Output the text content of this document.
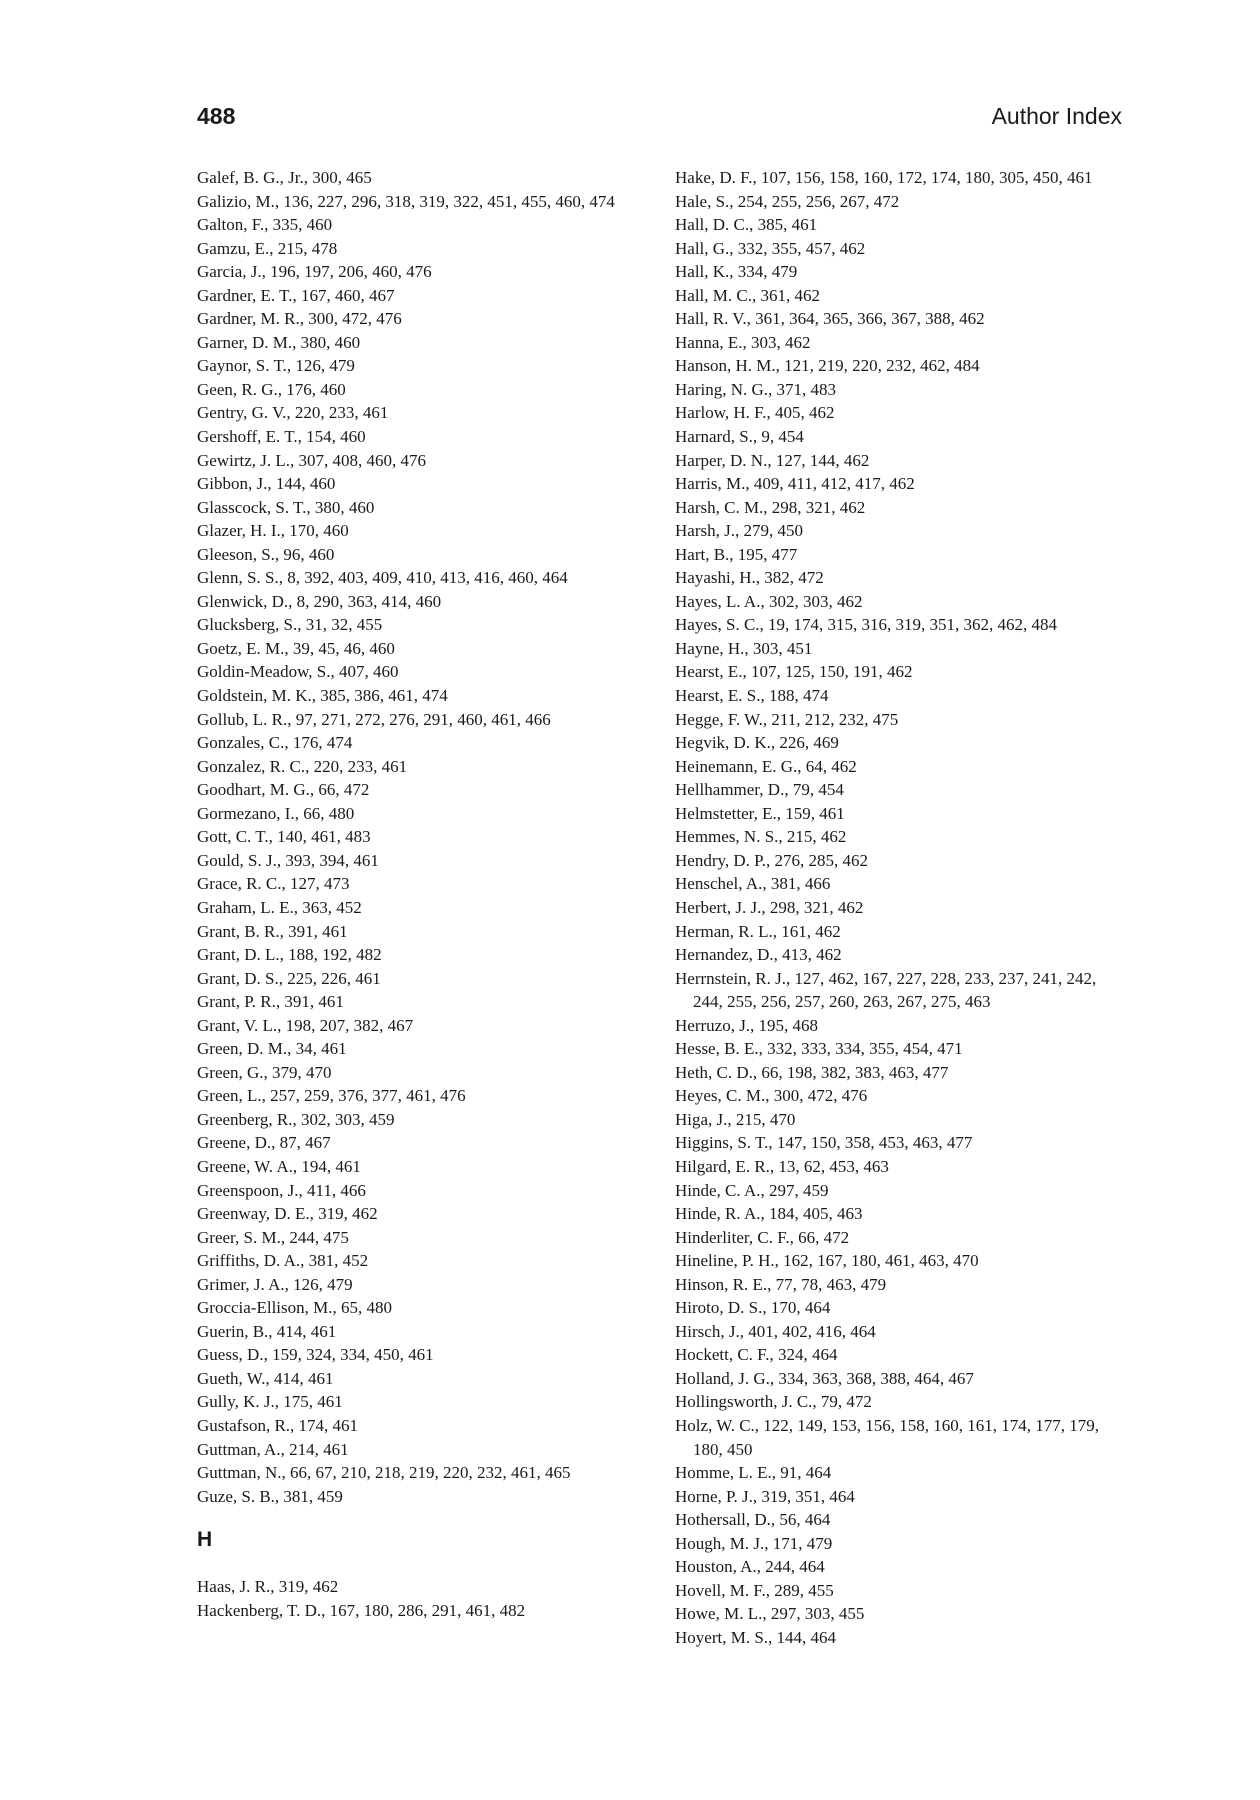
488	Author Index
Galef, B. G., Jr., 300, 465
Galizio, M., 136, 227, 296, 318, 319, 322, 451, 455, 460, 474
Galton, F., 335, 460
Gamzu, E., 215, 478
Garcia, J., 196, 197, 206, 460, 476
Gardner, E. T., 167, 460, 467
Gardner, M. R., 300, 472, 476
Garner, D. M., 380, 460
Gaynor, S. T., 126, 479
Geen, R. G., 176, 460
Gentry, G. V., 220, 233, 461
Gershoff, E. T., 154, 460
Gewirtz, J. L., 307, 408, 460, 476
Gibbon, J., 144, 460
Glasscock, S. T., 380, 460
Glazer, H. I., 170, 460
Gleeson, S., 96, 460
Glenn, S. S., 8, 392, 403, 409, 410, 413, 416, 460, 464
Glenwick, D., 8, 290, 363, 414, 460
Glucksberg, S., 31, 32, 455
Goetz, E. M., 39, 45, 46, 460
Goldin-Meadow, S., 407, 460
Goldstein, M. K., 385, 386, 461, 474
Gollub, L. R., 97, 271, 272, 276, 291, 460, 461, 466
Gonzales, C., 176, 474
Gonzalez, R. C., 220, 233, 461
Goodhart, M. G., 66, 472
Gormezano, I., 66, 480
Gott, C. T., 140, 461, 483
Gould, S. J., 393, 394, 461
Grace, R. C., 127, 473
Graham, L. E., 363, 452
Grant, B. R., 391, 461
Grant, D. L., 188, 192, 482
Grant, D. S., 225, 226, 461
Grant, P. R., 391, 461
Grant, V. L., 198, 207, 382, 467
Green, D. M., 34, 461
Green, G., 379, 470
Green, L., 257, 259, 376, 377, 461, 476
Greenberg, R., 302, 303, 459
Greene, D., 87, 467
Greene, W. A., 194, 461
Greenspoon, J., 411, 466
Greenway, D. E., 319, 462
Greer, S. M., 244, 475
Griffiths, D. A., 381, 452
Grimer, J. A., 126, 479
Groccia-Ellison, M., 65, 480
Guerin, B., 414, 461
Guess, D., 159, 324, 334, 450, 461
Gueth, W., 414, 461
Gully, K. J., 175, 461
Gustafson, R., 174, 461
Guttman, A., 214, 461
Guttman, N., 66, 67, 210, 218, 219, 220, 232, 461, 465
Guze, S. B., 381, 459
H
Haas, J. R., 319, 462
Hackenberg, T. D., 167, 180, 286, 291, 461, 482
Hake, D. F., 107, 156, 158, 160, 172, 174, 180, 305, 450, 461
Hale, S., 254, 255, 256, 267, 472
Hall, D. C., 385, 461
Hall, G., 332, 355, 457, 462
Hall, K., 334, 479
Hall, M. C., 361, 462
Hall, R. V., 361, 364, 365, 366, 367, 388, 462
Hanna, E., 303, 462
Hanson, H. M., 121, 219, 220, 232, 462, 484
Haring, N. G., 371, 483
Harlow, H. F., 405, 462
Harnard, S., 9, 454
Harper, D. N., 127, 144, 462
Harris, M., 409, 411, 412, 417, 462
Harsh, C. M., 298, 321, 462
Harsh, J., 279, 450
Hart, B., 195, 477
Hayashi, H., 382, 472
Hayes, L. A., 302, 303, 462
Hayes, S. C., 19, 174, 315, 316, 319, 351, 362, 462, 484
Hayne, H., 303, 451
Hearst, E., 107, 125, 150, 191, 462
Hearst, E. S., 188, 474
Hegge, F. W., 211, 212, 232, 475
Hegvik, D. K., 226, 469
Heinemann, E. G., 64, 462
Hellhammer, D., 79, 454
Helmstetter, E., 159, 461
Hemmes, N. S., 215, 462
Hendry, D. P., 276, 285, 462
Henschel, A., 381, 466
Herbert, J. J., 298, 321, 462
Herman, R. L., 161, 462
Hernandez, D., 413, 462
Herrnstein, R. J., 127, 462, 167, 227, 228, 233, 237, 241, 242, 244, 255, 256, 257, 260, 263, 267, 275, 463
Herruzo, J., 195, 468
Hesse, B. E., 332, 333, 334, 355, 454, 471
Heth, C. D., 66, 198, 382, 383, 463, 477
Heyes, C. M., 300, 472, 476
Higa, J., 215, 470
Higgins, S. T., 147, 150, 358, 453, 463, 477
Hilgard, E. R., 13, 62, 453, 463
Hinde, C. A., 297, 459
Hinde, R. A., 184, 405, 463
Hinderliter, C. F., 66, 472
Hineline, P. H., 162, 167, 180, 461, 463, 470
Hinson, R. E., 77, 78, 463, 479
Hiroto, D. S., 170, 464
Hirsch, J., 401, 402, 416, 464
Hockett, C. F., 324, 464
Holland, J. G., 334, 363, 368, 388, 464, 467
Hollingsworth, J. C., 79, 472
Holz, W. C., 122, 149, 153, 156, 158, 160, 161, 174, 177, 179, 180, 450
Homme, L. E., 91, 464
Horne, P. J., 319, 351, 464
Hothersall, D., 56, 464
Hough, M. J., 171, 479
Houston, A., 244, 464
Hovell, M. F., 289, 455
Howe, M. L., 297, 303, 455
Hoyert, M. S., 144, 464
